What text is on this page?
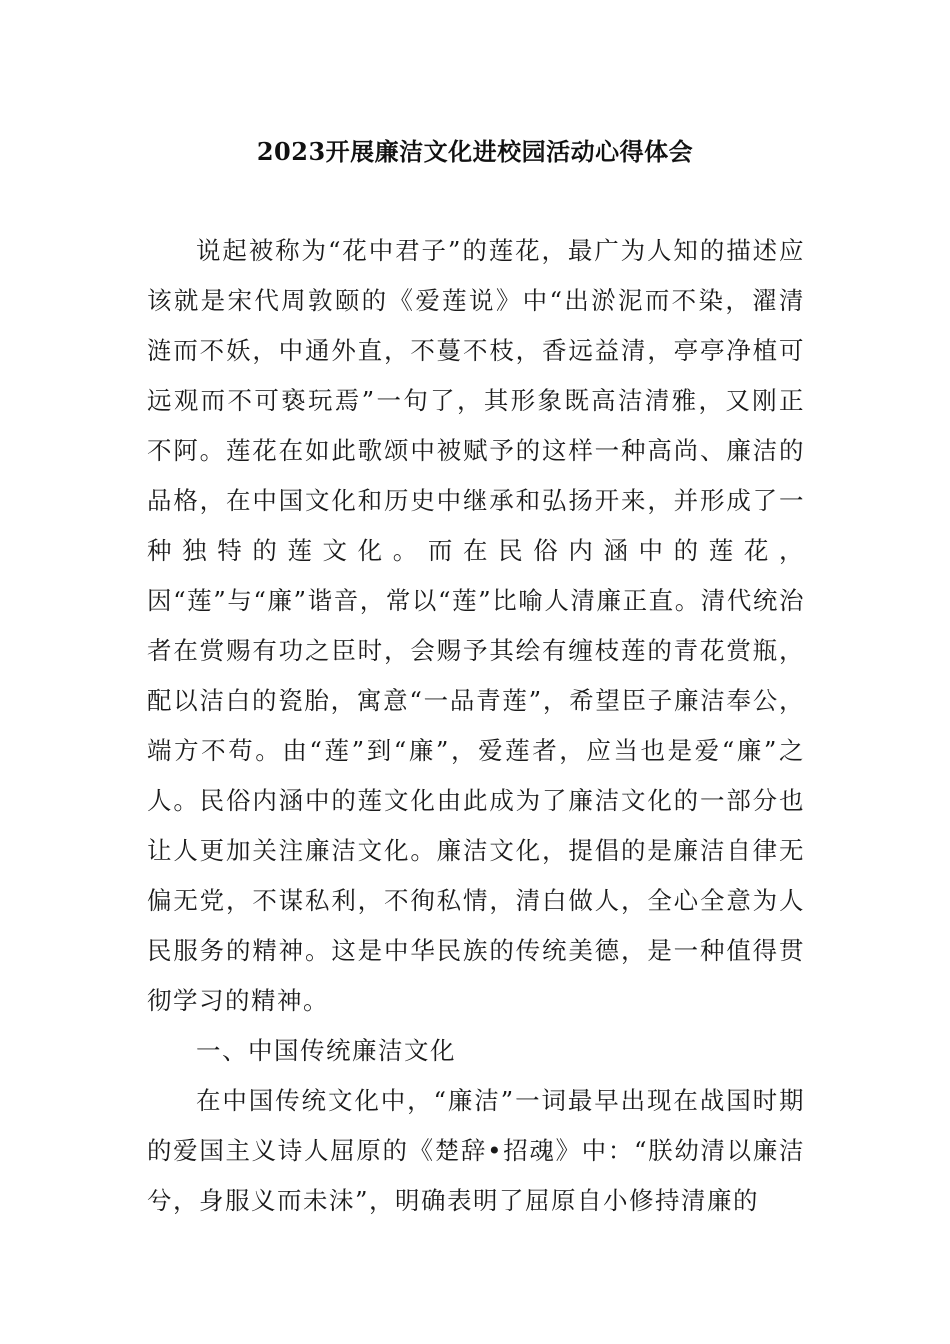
2023开展廉洁文化进校园活动心得体会

说起被称为“花中君子”的莲花，最广为人知的描述应该就是宋代周敦颐的《爱莲说》中“出淤泥而不染，濯清涟而不妖，中通外直，不蔓不枝，香远益清，亭亭净植可远观而不可亵玩焉”一句了，其形象既高洁清雅，又刚正不阿。莲花在如此歌颂中被赋予的这样一种高尚、廉洁的品格，在中国文化和历史中继承和弘扬开来，并形成了一种独特的莲文化。而在民俗内涵中的莲花，因“莲”与“廉”谐音，常以“莲”比喻人清廉正直。清代统治者在赏赐有功之臣时，会赐予其绘有缠枝莲的青花赏瓶，配以洁白的瓷胎，寓意“一品青莲”，希望臣子廉洁奉公，端方不苟。由“莲”到“廉”，爱莲者，应当也是爱“廉”之人。民俗内涵中的莲文化由此成为了廉洁文化的一部分也让人更加关注廉洁文化。廉洁文化，提倡的是廉洁自律无偏无党，不谋私利，不徇私情，清白做人，全心全意为人民服务的精神。这是中华民族的传统美德，是一种值得贯彻学习的精神。

一、中国传统廉洁文化

在中国传统文化中，“廉洁”一词最早出现在战国时期的爱国主义诗人屈原的《楚辞•招魂》中：“朕幼清以廉洁兮，身服义而未沬”，明确表明了屈原自小修持清廉的
